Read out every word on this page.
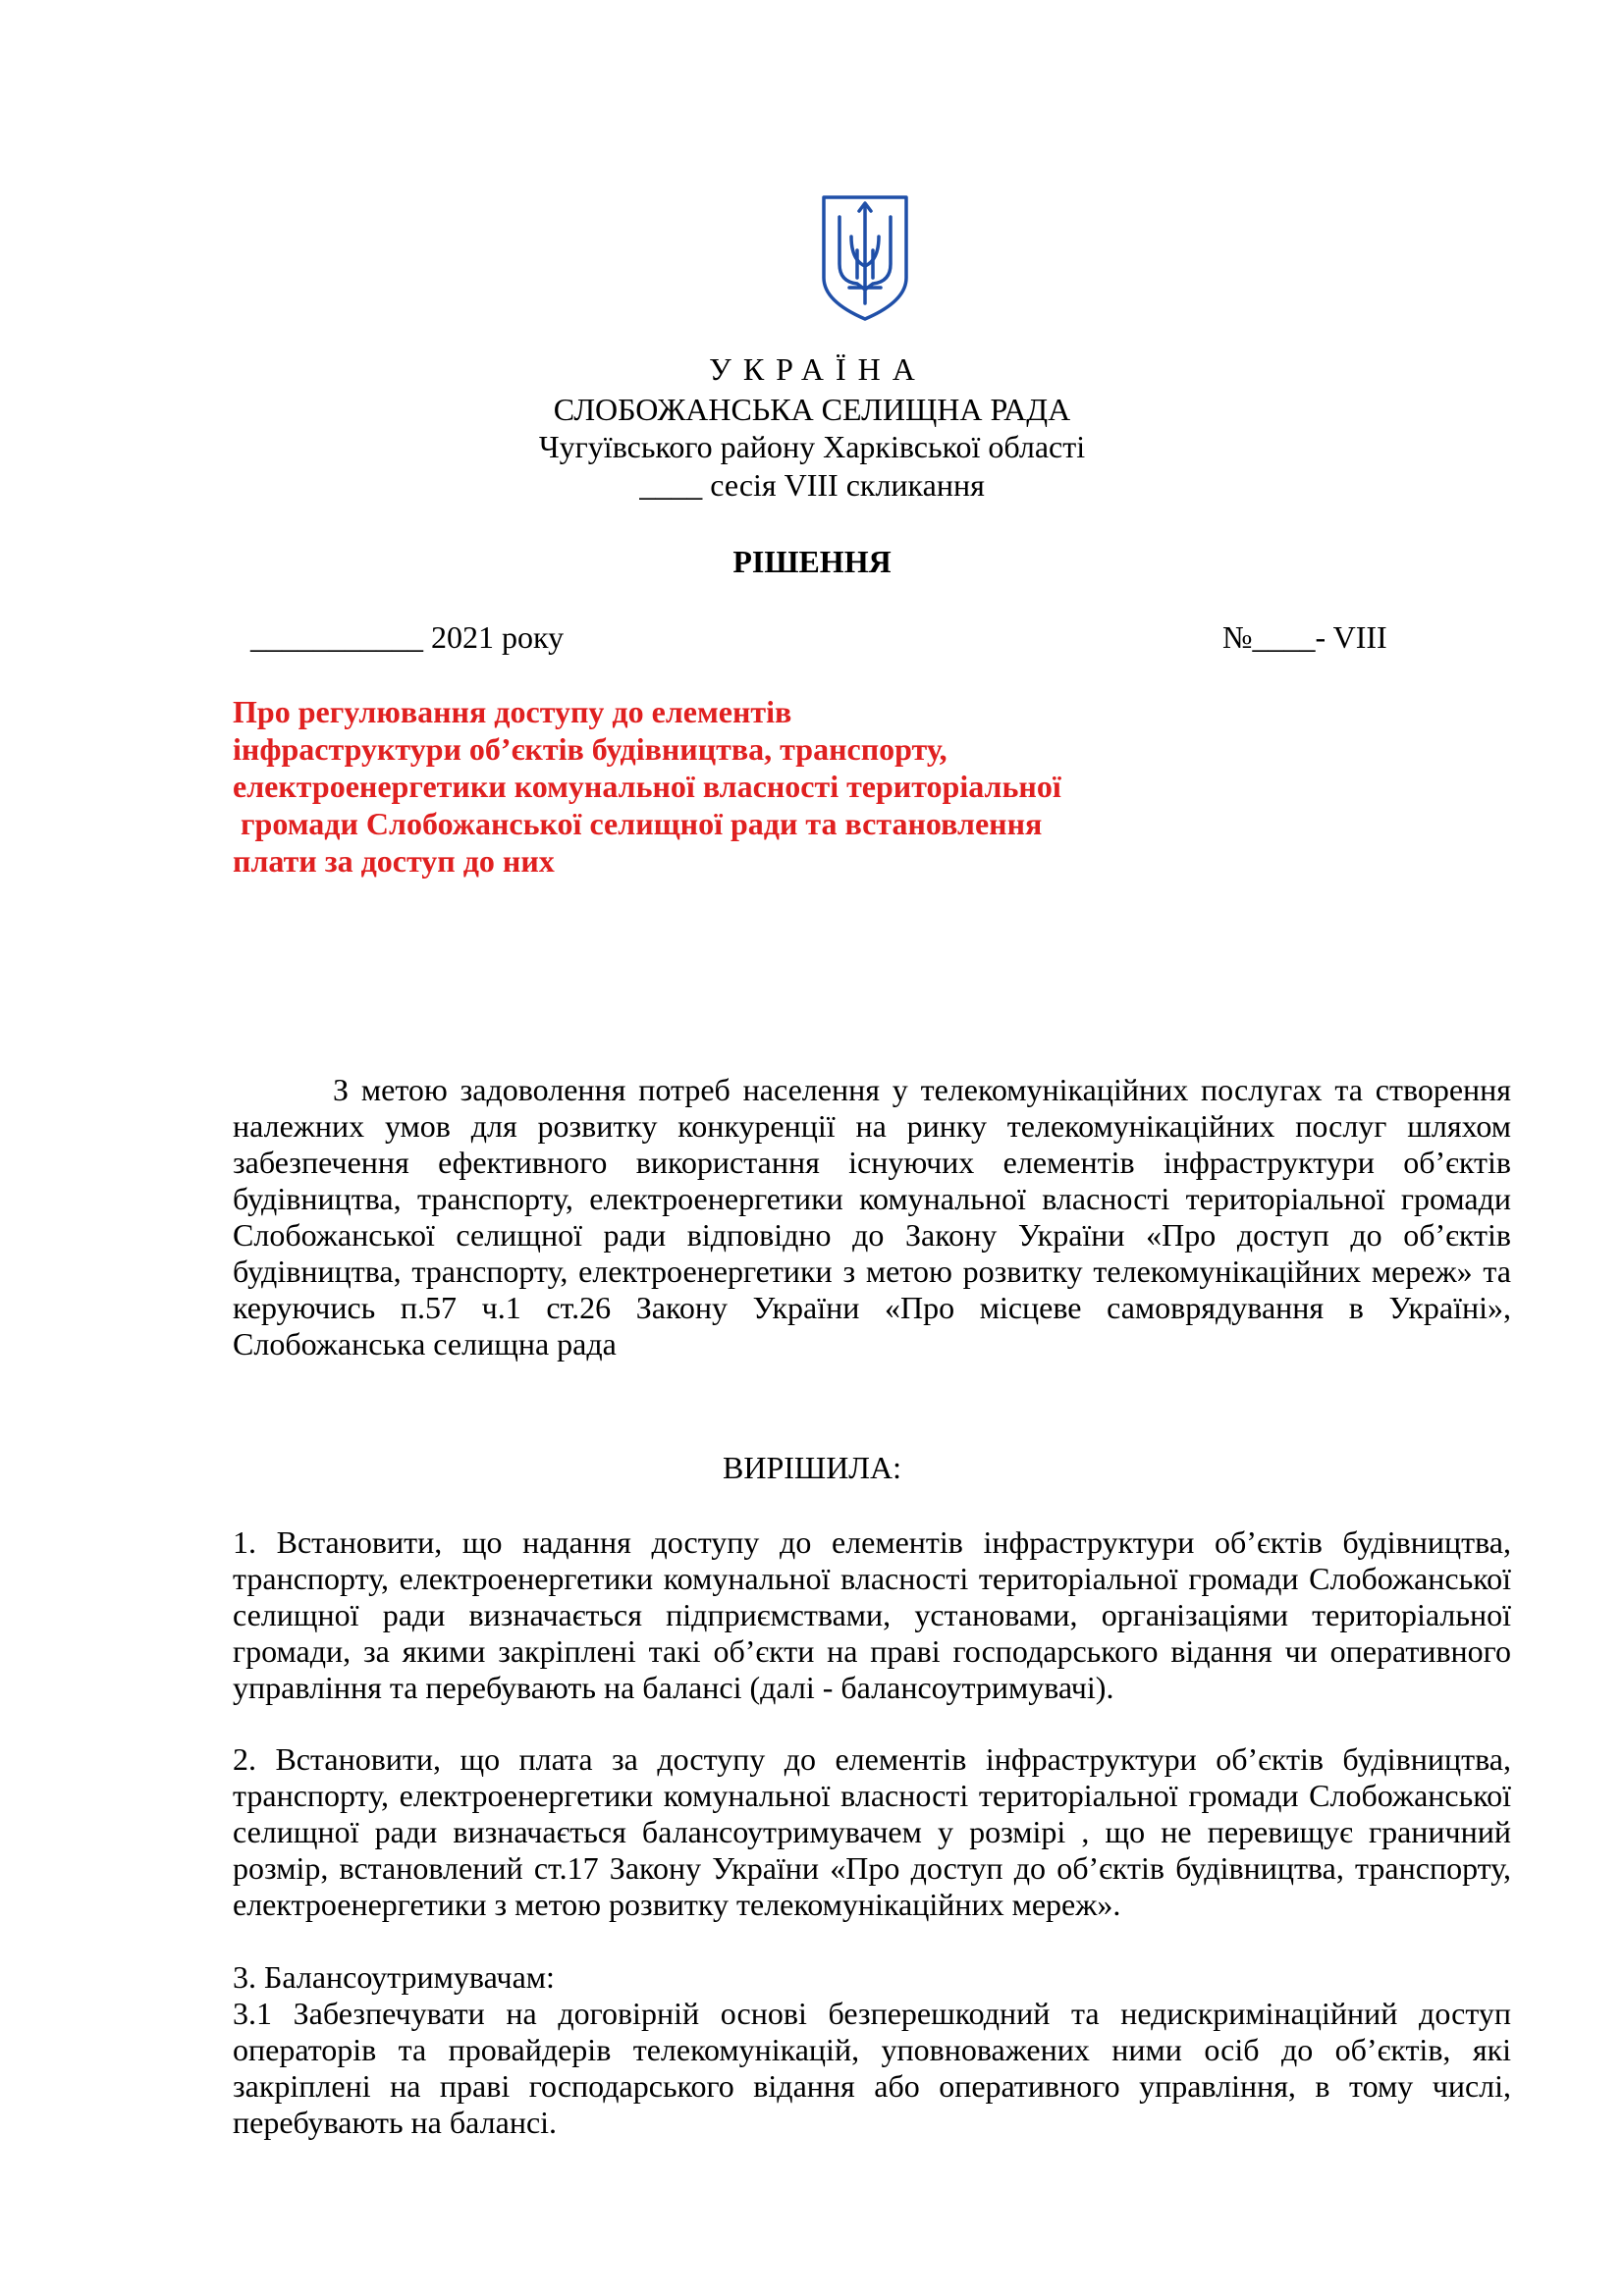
УКРАЇНА
СЛОБОЖАНСЬКА СЕЛИЩНА РАДА
Чугуївського району Харківської області
____ сесія VIII скликання
РІШЕННЯ
___________ 2021 року	№____- VIII
Про регулювання доступу до елементів
інфраструктури об’єктів будівництва, транспорту,
електроенергетики комунальної власності територіальної
громади Слобожанської селищної ради та встановлення
плати за доступ до них
З метою задоволення потреб населення у телекомунікаційних послугах та створення належних умов для розвитку конкуренції на ринку телекомунікаційних послуг шляхом забезпечення ефективного використання існуючих елементів інфраструктури об’єктів будівництва, транспорту, електроенергетики комунальної власності територіальної громади Слобожанської селищної ради відповідно до Закону України «Про доступ до об’єктів будівництва, транспорту, електроенергетики з метою розвитку телекомунікаційних мереж» та керуючись п.57 ч.1 ст.26 Закону України «Про місцеве самоврядування в Україні», Слобожанська селищна рада
ВИРІШИЛА:
1. Встановити, що надання доступу до елементів інфраструктури об’єктів будівництва, транспорту, електроенергетики комунальної власності територіальної громади Слобожанської селищної ради визначається підприємствами, установами, організаціями територіальної громади, за якими закріплені такі об’єкти на праві господарського відання чи оперативного управління та перебувають на балансі (далі - балансоутримувачі).
2. Встановити, що плата за доступу до елементів інфраструктури об’єктів будівництва, транспорту, електроенергетики комунальної власності територіальної громади Слобожанської селищної ради визначається балансоутримувачем у розмірі , що не перевищує граничний розмір, встановлений ст.17 Закону України «Про доступ до об’єктів будівництва, транспорту, електроенергетики з метою розвитку телекомунікаційних мереж».
3. Балансоутримувачам:
3.1 Забезпечувати на договірній основі безперешкодний та недискримінаційний доступ операторів та провайдерів телекомунікацій, уповноважених ними осіб до об’єктів, які закріплені на праві господарського відання або оперативного управління, в тому числі, перебувають на балансі.
